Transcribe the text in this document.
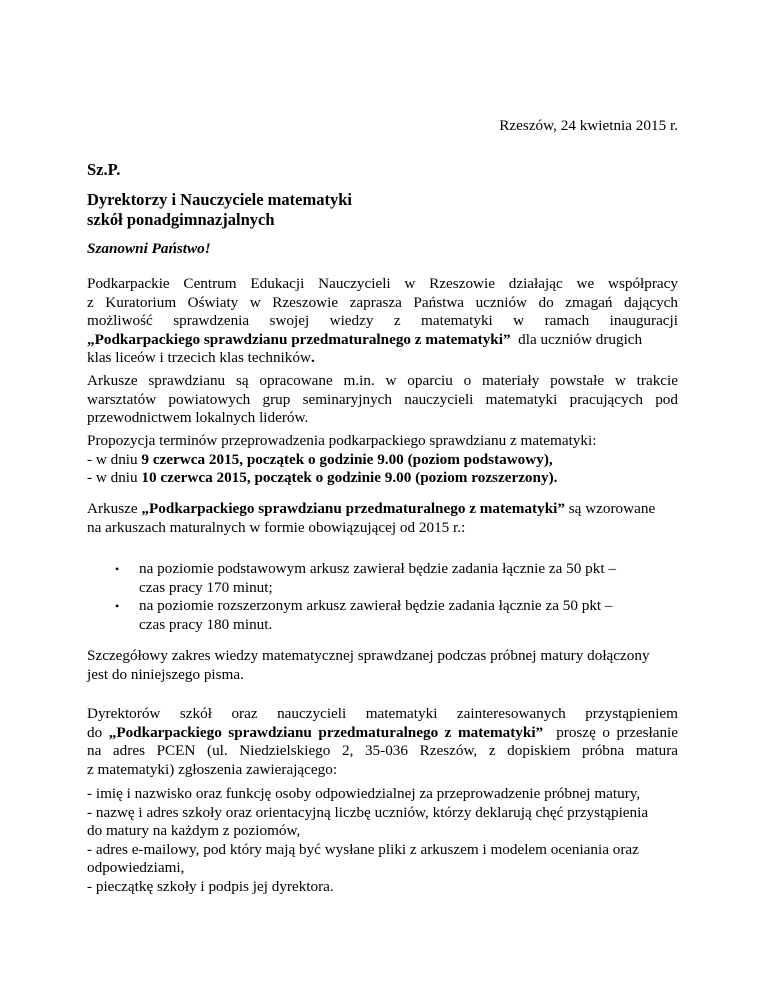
Rzeszów, 24 kwietnia 2015 r.
Sz.P.
Dyrektorzy i Nauczyciele matematyki
szkół ponadgimnazjalnych
Szanowni Państwo!
Podkarpackie Centrum Edukacji Nauczycieli w Rzeszowie działając we współpracy
z Kuratorium Oświaty w Rzeszowie zaprasza Państwa uczniów do zmagań dających
możliwość sprawdzenia swojej wiedzy z matematyki w ramach inauguracji
„Podkarpackiego sprawdzianu przedmaturalnego z matematyki”  dla uczniów drugich
klas liceów i trzecich klas techników.
Arkusze sprawdzianu są opracowane m.in. w oparciu o materiały powstałe w trakcie
warsztatów powiatowych grup seminaryjnych nauczycieli matematyki pracujących pod
przewodnictwem lokalnych liderów.
Propozycja terminów przeprowadzenia podkarpackiego sprawdzianu z matematyki:
- w dniu 9 czerwca 2015, początek o godzinie 9.00 (poziom podstawowy),
- w dniu 10 czerwca 2015, początek o godzinie 9.00 (poziom rozszerzony).
Arkusze „Podkarpackiego sprawdzianu przedmaturalnego z matematyki” są wzorowane
na arkuszach maturalnych w formie obowiązującej od 2015 r.:
• na poziomie podstawowym arkusz zawierał będzie zadania łącznie za 50 pkt –
czas pracy 170 minut;
• na poziomie rozszerzonym arkusz zawierał będzie zadania łącznie za 50 pkt –
czas pracy 180 minut.
Szczegółowy zakres wiedzy matematycznej sprawdzanej podczas próbnej matury dołączony
jest do niniejszego pisma.
Dyrektorów szkół oraz nauczycieli matematyki zainteresowanych przystąpieniem
do „Podkarpackiego sprawdzianu przedmaturalnego z matematyki”  proszę o przesłanie
na adres PCEN (ul. Niedzielskiego 2, 35-036 Rzeszów, z dopiskiem próbna matura
z matematyki) zgłoszenia zawierającego:
- imię i nazwisko oraz funkcję osoby odpowiedzialnej za przeprowadzenie próbnej matury,
- nazwę i adres szkoły oraz orientacyjną liczbę uczniów, którzy deklarują chęć przystąpienia
do matury na każdym z poziomów,
- adres e-mailowy, pod który mają być wysłane pliki z arkuszem i modelem oceniania oraz
odpowiedziami,
- pieczątkę szkoły i podpis jej dyrektora.
